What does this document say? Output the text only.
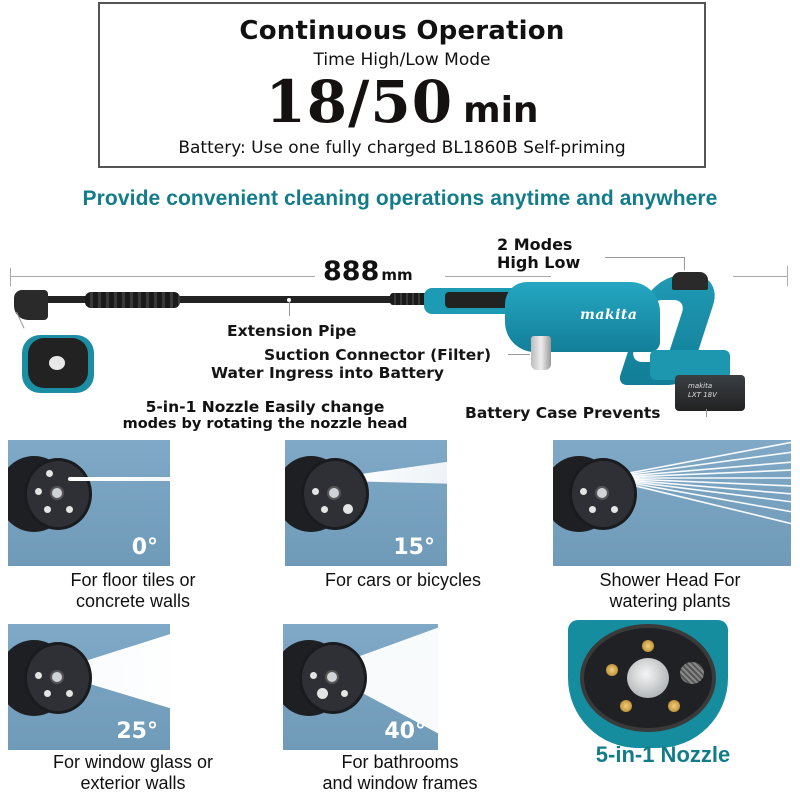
Continuous Operation
Time High/Low Mode
18/50 min
Battery: Use one fully charged BL1860B Self-priming
Provide convenient cleaning operations anytime and anywhere
888 mm
2 Modes
High Low
makita
makita
LXT 18V
Extension Pipe
Suction Connector (Filter)
Water Ingress into Battery
Battery Case Prevents
5-in-1 Nozzle Easily change
modes by rotating the nozzle head
0°	15°
25°	40°
For floor tiles or
concrete walls
For cars or bicycles	Shower Head For
watering plants
For window glass or
exterior walls
For bathrooms
and window frames
5-in-1 Nozzle
